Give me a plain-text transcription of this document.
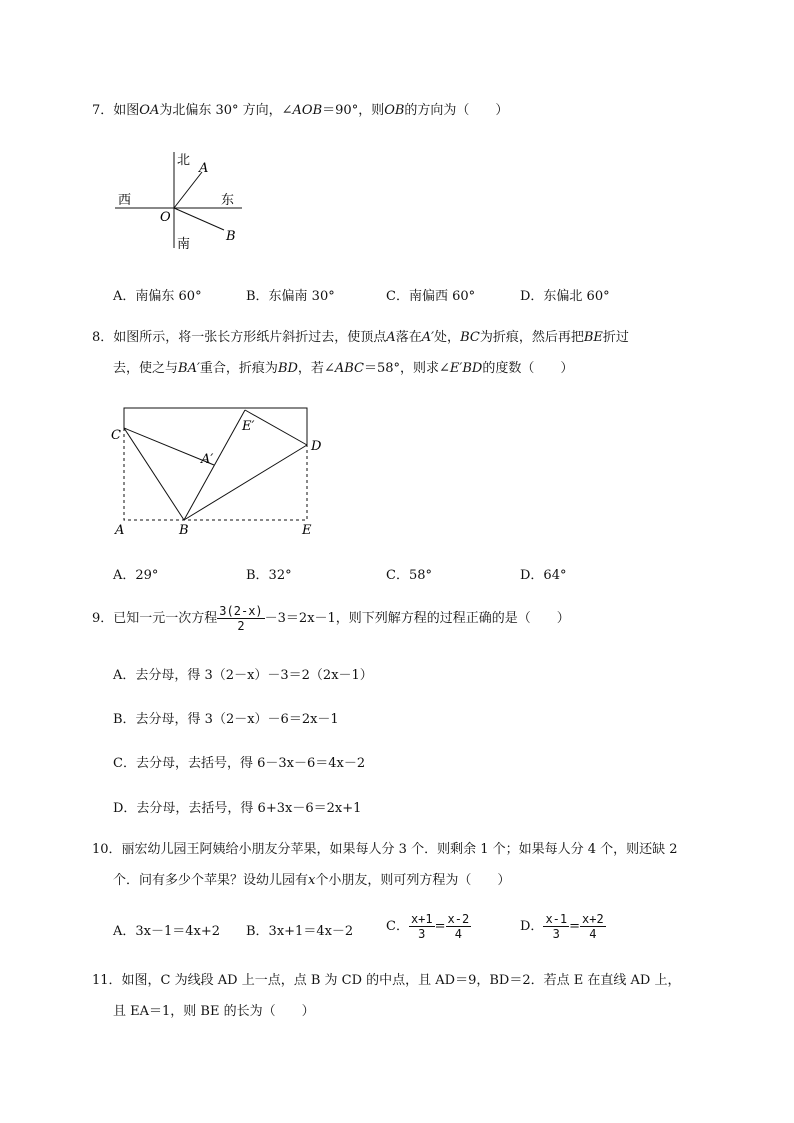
7．如图OA为北偏东 30° 方向，∠AOB＝90°，则OB的方向为（　　）
北
西	东
南
O
A
B
A．南偏东 60°	B．东偏南 30°	C．南偏西 60°	D．东偏北 60°
8．如图所示，将一张长方形纸片斜折过去，使顶点A落在A′处，BC为折痕，然后再把BE折过
去，使之与BA′重合，折痕为BD，若∠ABC＝58°，则求∠E′BD的度数（　　）
C
A′
E′
D
A	B	E
A．29°	B．32°	C．58°	D．64°
9．已知一元一次方程 $\frac{3(2-x)}{2} -3=2x-1$，则下列解方程的过程正确的是（　　）
A．去分母，得 3（2－x）－3＝2（2x－1）
B．去分母，得 3（2－x）－6＝2x－1
C．去分母，去括号，得 6－3x－6＝4x－2
D．去分母，去括号，得 6+3x－6＝2x+1
10．丽宏幼儿园王阿姨给小朋友分苹果，如果每人分 3 个．则剩余 1 个；如果每人分 4 个，则还缺 2
个．问有多少个苹果？设幼儿园有x个小朋友，则可列方程为（　　）
A．3x－1＝4x+2 B．3x+1＝4x－2	C． $\frac{x+1}{3} = \frac{x-2}{4}$	D． $\frac{x-1}{3} = \frac{x+2}{4}$
11．如图，C 为线段 AD 上一点，点 B 为 CD 的中点，且 AD＝9，BD＝2．若点 E 在直线 AD 上，
且 EA＝1，则 BE 的长为（　　）
